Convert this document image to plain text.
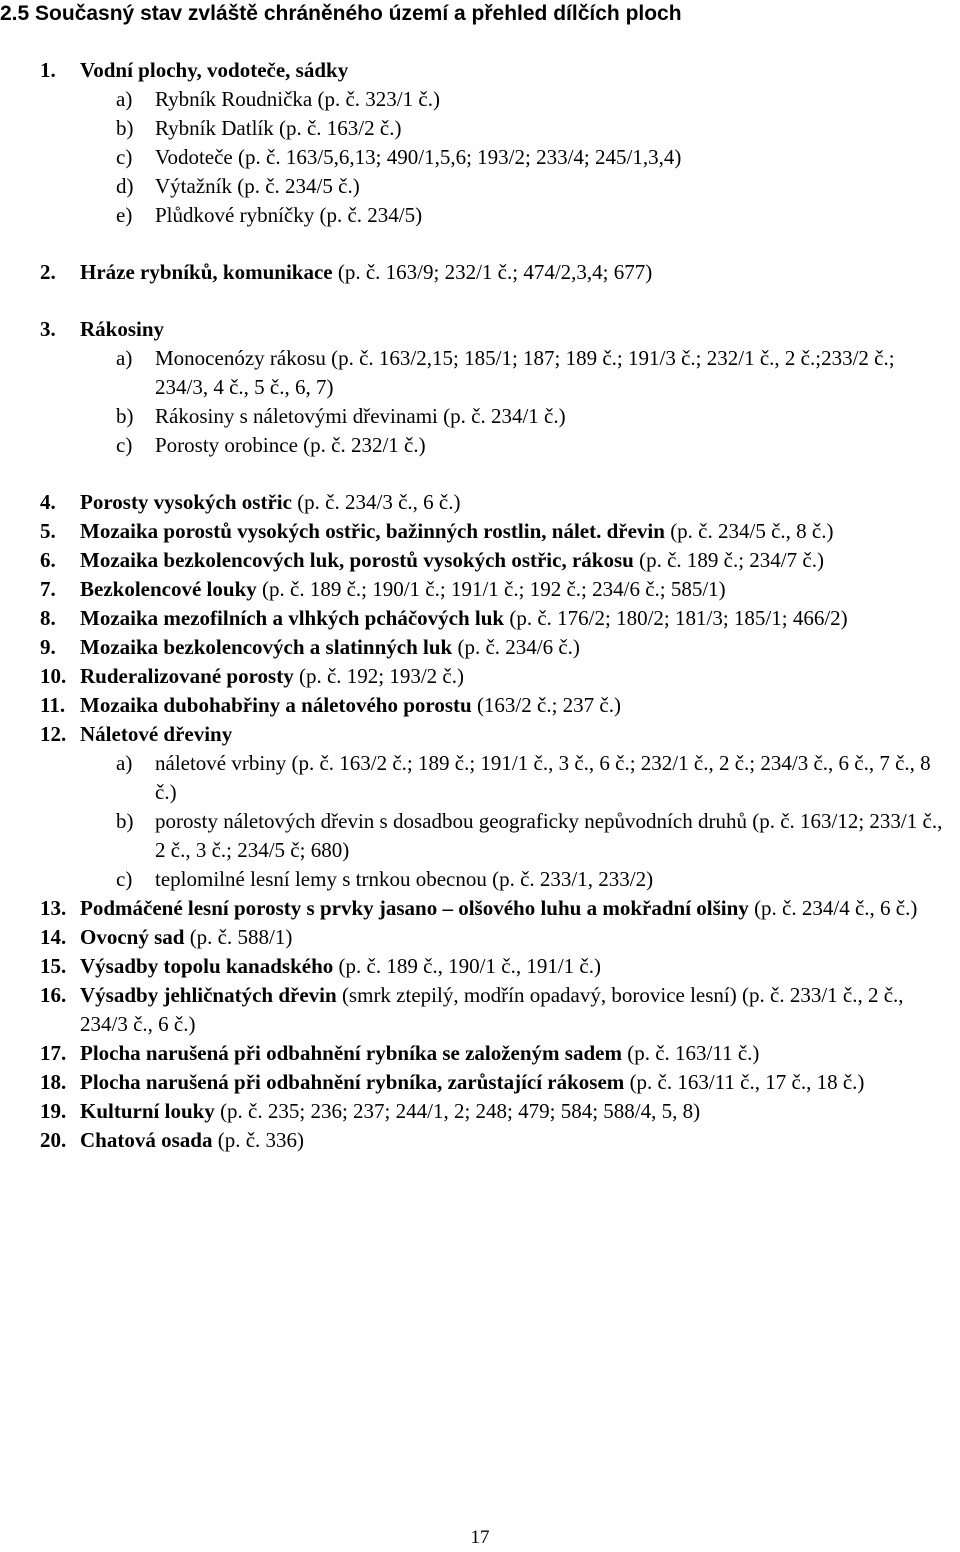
2.5 Současný stav zvláště chráněného území a přehled dílčích ploch
1. Vodní plochy, vodoteče, sádky
a) Rybník Roudnička (p. č. 323/1 č.)
b) Rybník Datlík (p. č. 163/2 č.)
c) Vodoteče (p. č. 163/5,6,13; 490/1,5,6; 193/2; 233/4; 245/1,3,4)
d) Výtažník (p. č. 234/5 č.)
e) Plůdkové rybníčky (p. č. 234/5)
2. Hráze rybníků, komunikace (p. č. 163/9; 232/1 č.; 474/2,3,4; 677)
3. Rákosiny
a) Monocenózy rákosu (p. č. 163/2,15; 185/1; 187; 189 č.; 191/3 č.; 232/1 č., 2 č.;233/2 č.; 234/3, 4 č., 5 č., 6, 7)
b) Rákosiny s náletovými dřevinami (p. č. 234/1 č.)
c) Porosty orobince (p. č. 232/1 č.)
4. Porosty vysokých ostřic (p. č. 234/3 č., 6 č.)
5. Mozaika porostů vysokých ostřic, bažinných rostlin, nálet. dřevin (p. č. 234/5 č., 8 č.)
6. Mozaika bezkolencových luk, porostů vysokých ostřic, rákosu (p. č. 189 č.; 234/7 č.)
7. Bezkolencové louky (p. č. 189 č.; 190/1 č.; 191/1 č.; 192 č.; 234/6 č.; 585/1)
8. Mozaika mezofilních a vlhkých pcháčových luk (p. č. 176/2; 180/2; 181/3; 185/1; 466/2)
9. Mozaika bezkolencových a slatinných luk (p. č. 234/6 č.)
10. Ruderalizované porosty (p. č. 192; 193/2 č.)
11. Mozaika dubohabřiny a náletového porostu (163/2 č.; 237 č.)
12. Náletové dřeviny
a) náletové vrbiny (p. č. 163/2 č.; 189 č.; 191/1 č., 3 č., 6 č.; 232/1 č., 2 č.; 234/3 č., 6 č., 7 č., 8 č.)
b) porosty náletových dřevin s dosadbou geograficky nepůvodních druhů (p. č. 163/12; 233/1 č., 2 č., 3 č.; 234/5 č; 680)
c) teplomilné lesní lemy s trnkou obecnou (p. č. 233/1, 233/2)
13. Podmáčené lesní porosty s prvky jasano – olšového luhu a mokřadní olšiny (p. č. 234/4 č., 6 č.)
14. Ovocný sad (p. č. 588/1)
15. Výsadby topolu kanadského (p. č. 189 č., 190/1 č., 191/1 č.)
16. Výsadby jehličnatých dřevin (smrk ztepilý, modřín opadavý, borovice lesní) (p. č. 233/1 č., 2 č., 234/3 č., 6 č.)
17. Plocha narušená při odbahnění rybníka se založeným sadem (p. č. 163/11 č.)
18. Plocha narušená při odbahnění rybníka, zarůstající rákosem (p. č. 163/11 č., 17 č., 18 č.)
19. Kulturní louky (p. č. 235; 236; 237; 244/1, 2; 248; 479; 584; 588/4, 5, 8)
20. Chatová osada (p. č. 336)
17
